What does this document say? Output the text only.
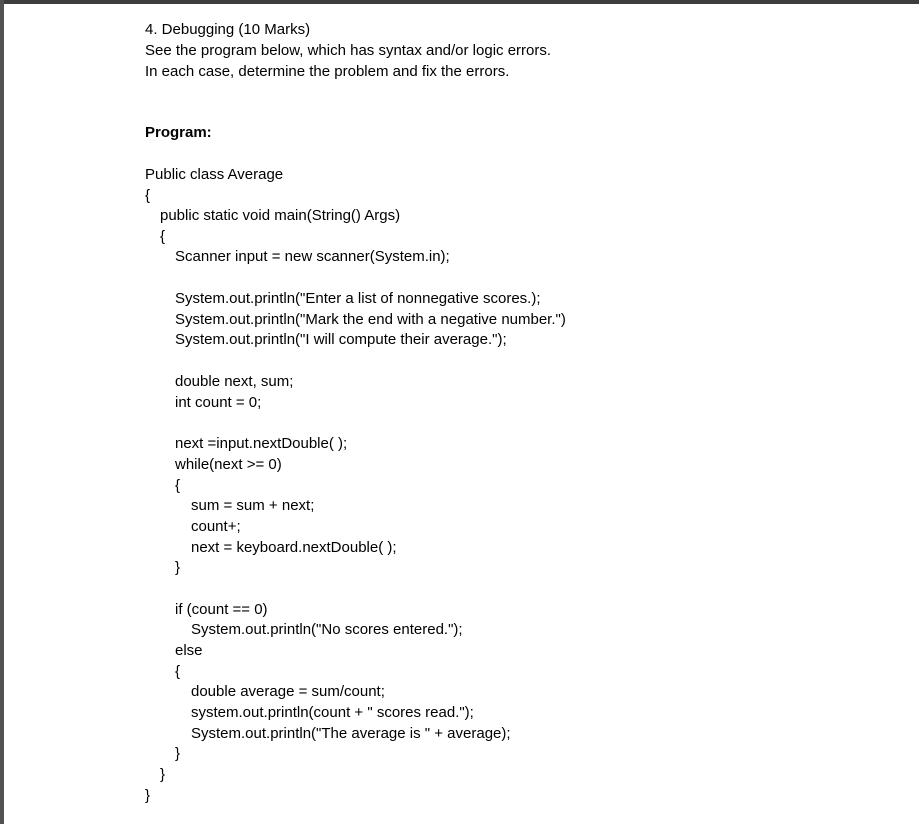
4. Debugging (10 Marks)
See the program below, which has syntax and/or logic errors.
In each case, determine the problem and fix the errors.
Program:
Public class Average
{
public static void main(String() Args)
{
Scanner input = new scanner(System.in);
System.out.println("Enter a list of nonnegative scores.);
System.out.println("Mark the end with a negative number.")
System.out.println("I will compute their average.");
double next, sum;
int count = 0;
next =input.nextDouble( );
while(next >= 0)
{
sum = sum + next;
count+;
next = keyboard.nextDouble( );
}
if (count == 0)
System.out.println("No scores entered.");
else
{
double average = sum/count;
system.out.println(count + " scores read.");
System.out.println("The average is " + average);
}
}
}
